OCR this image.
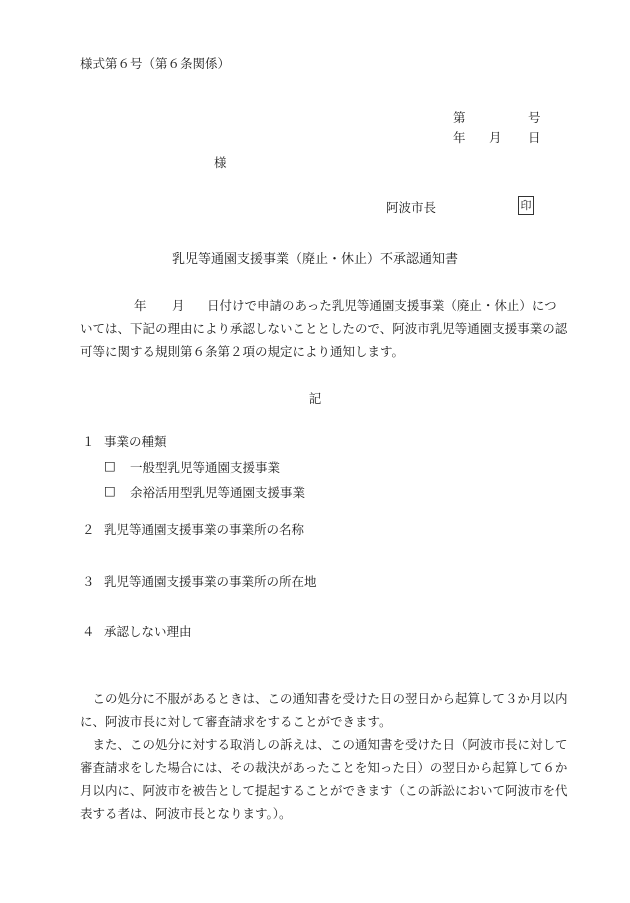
様式第６号（第６条関係）
第	号
年 月 日
様
阿波市長	印
乳児等通園支援事業（廃止・休止）不承認通知書
年 月 日付けで申請のあった乳児等通園支援事業（廃止・休止）につ
いては、下記の理由により承認しないこととしたので、阿波市乳児等通園支援事業の認
可等に関する規則第６条第２項の規定により通知します。
記
１ 事業の種類
□ 一般型乳児等通園支援事業
□ 余裕活用型乳児等通園支援事業
２ 乳児等通園支援事業の事業所の名称
３ 乳児等通園支援事業の事業所の所在地
４ 承認しない理由
　この処分に不服があるときは、この通知書を受けた日の翌日から起算して３か月以内
に、阿波市長に対して審査請求をすることができます。
　また、この処分に対する取消しの訴えは、この通知書を受けた日（阿波市長に対して
審査請求をした場合には、その裁決があったことを知った日）の翌日から起算して６か
月以内に、阿波市を被告として提起することができます（この訴訟において阿波市を代
表する者は、阿波市長となります。）。
